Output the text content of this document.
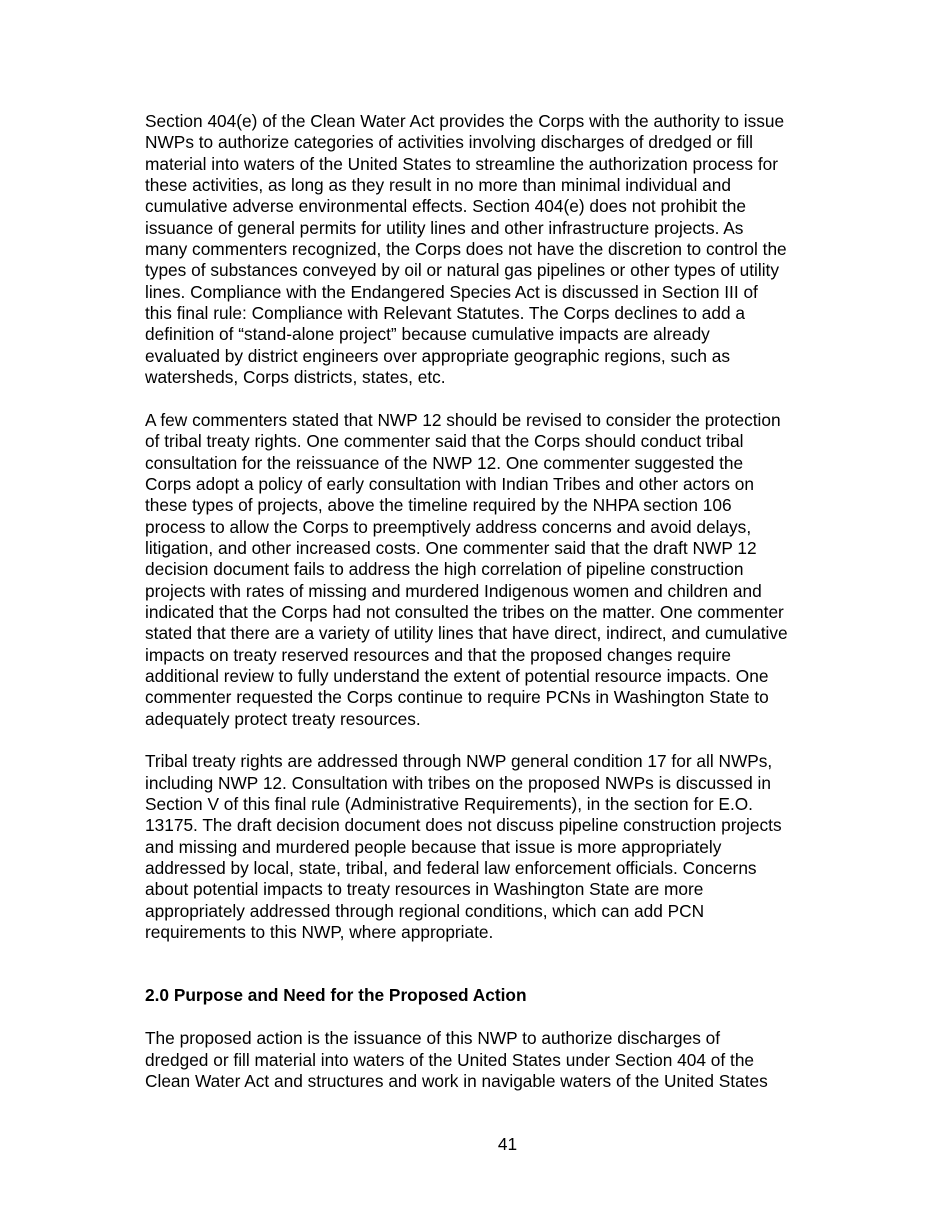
Section 404(e) of the Clean Water Act provides the Corps with the authority to issue
NWPs to authorize categories of activities involving discharges of dredged or fill
material into waters of the United States to streamline the authorization process for
these activities, as long as they result in no more than minimal individual and
cumulative adverse environmental effects. Section 404(e) does not prohibit the
issuance of general permits for utility lines and other infrastructure projects. As
many commenters recognized, the Corps does not have the discretion to control the
types of substances conveyed by oil or natural gas pipelines or other types of utility
lines. Compliance with the Endangered Species Act is discussed in Section III of
this final rule: Compliance with Relevant Statutes. The Corps declines to add a
definition of “stand-alone project” because cumulative impacts are already
evaluated by district engineers over appropriate geographic regions, such as
watersheds, Corps districts, states, etc.

A few commenters stated that NWP 12 should be revised to consider the protection
of tribal treaty rights. One commenter said that the Corps should conduct tribal
consultation for the reissuance of the NWP 12. One commenter suggested the
Corps adopt a policy of early consultation with Indian Tribes and other actors on
these types of projects, above the timeline required by the NHPA section 106
process to allow the Corps to preemptively address concerns and avoid delays,
litigation, and other increased costs. One commenter said that the draft NWP 12
decision document fails to address the high correlation of pipeline construction
projects with rates of missing and murdered Indigenous women and children and
indicated that the Corps had not consulted the tribes on the matter. One commenter
stated that there are a variety of utility lines that have direct, indirect, and cumulative
impacts on treaty reserved resources and that the proposed changes require
additional review to fully understand the extent of potential resource impacts. One
commenter requested the Corps continue to require PCNs in Washington State to
adequately protect treaty resources.

Tribal treaty rights are addressed through NWP general condition 17 for all NWPs,
including NWP 12. Consultation with tribes on the proposed NWPs is discussed in
Section V of this final rule (Administrative Requirements), in the section for E.O.
13175. The draft decision document does not discuss pipeline construction projects
and missing and murdered people because that issue is more appropriately
addressed by local, state, tribal, and federal law enforcement officials. Concerns
about potential impacts to treaty resources in Washington State are more
appropriately addressed through regional conditions, which can add PCN
requirements to this NWP, where appropriate.

2.0 Purpose and Need for the Proposed Action

The proposed action is the issuance of this NWP to authorize discharges of
dredged or fill material into waters of the United States under Section 404 of the
Clean Water Act and structures and work in navigable waters of the United States

41
